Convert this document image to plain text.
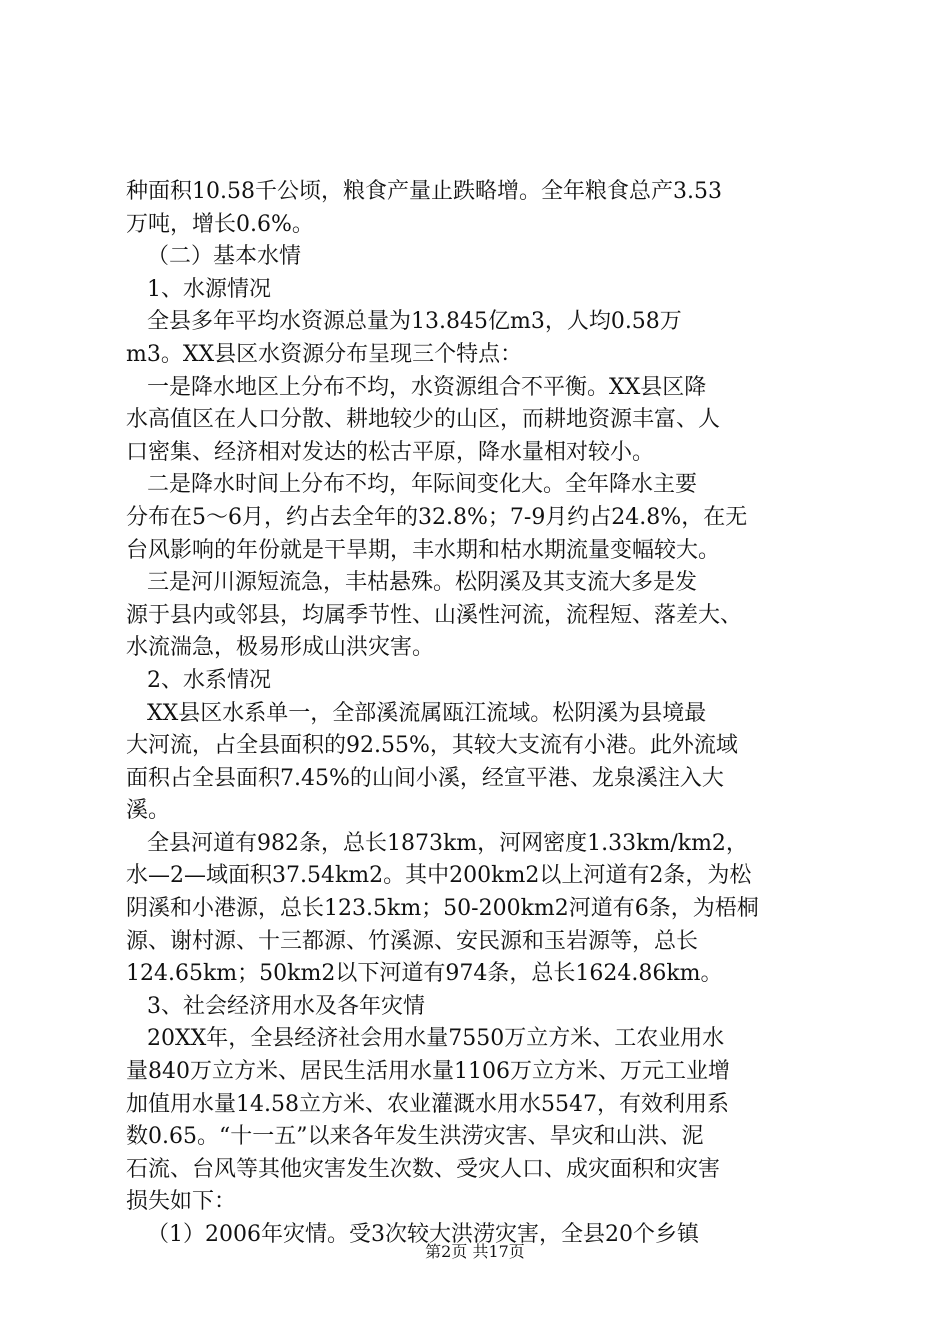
种面积10.58千公顷，粮食产量止跌略增。全年粮食总产3.53
万吨，增长0.6%。
（二）基本水情
1、水源情况
全县多年平均水资源总量为13.845亿m3，人均0.58万
m3。XX县区水资源分布呈现三个特点：
一是降水地区上分布不均，水资源组合不平衡。XX县区降
水高值区在人口分散、耕地较少的山区，而耕地资源丰富、人
口密集、经济相对发达的松古平原，降水量相对较小。
二是降水时间上分布不均，年际间变化大。全年降水主要
分布在5～6月，约占去全年的32.8%；7-9月约占24.8%，在无
台风影响的年份就是干旱期，丰水期和枯水期流量变幅较大。
三是河川源短流急，丰枯悬殊。松阴溪及其支流大多是发
源于县内或邻县，均属季节性、山溪性河流，流程短、落差大、
水流湍急，极易形成山洪灾害。
2、水系情况
XX县区水系单一，全部溪流属瓯江流域。松阴溪为县境最
大河流，占全县面积的92.55%，其较大支流有小港。此外流域
面积占全县面积7.45%的山间小溪，经宣平港、龙泉溪注入大
溪。
全县河道有982条，总长1873km，河网密度1.33km/km2，
水—2—域面积37.54km2。其中200km2以上河道有2条，为松
阴溪和小港源，总长123.5km；50-200km2河道有6条，为梧桐
源、谢村源、十三都源、竹溪源、安民源和玉岩源等，总长
124.65km；50km2以下河道有974条，总长1624.86km。
3、社会经济用水及各年灾情
20XX年，全县经济社会用水量7550万立方米、工农业用水
量840万立方米、居民生活用水量1106万立方米、万元工业增
加值用水量14.58立方米、农业灌溉水用水5547，有效利用系
数0.65。“十一五”以来各年发生洪涝灾害、旱灾和山洪、泥
石流、台风等其他灾害发生次数、受灾人口、成灾面积和灾害
损失如下：
（1）2006年灾情。受3次较大洪涝灾害，全县20个乡镇
第2页 共17页
